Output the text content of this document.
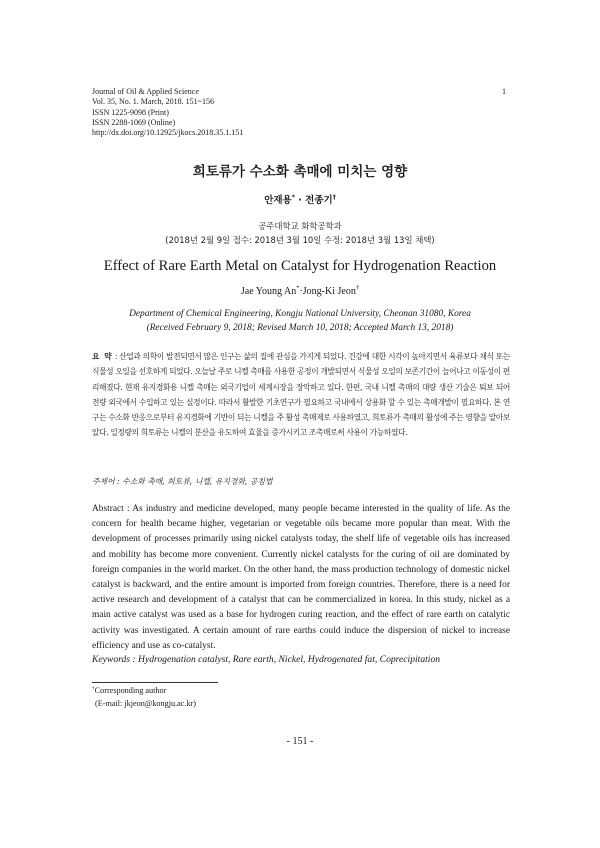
Journal of Oil & Applied Science
Vol. 35, No. 1. March, 2018. 151~156
ISSN 1225-9098 (Print)
ISSN 2288-1069 (Online)
http://dx.doi.org/10.12925/jkocs.2018.35.1.151
1
희토류가 수소화 촉매에 미치는 영향
안재용* · 전종기†
공주대학교 화학공학과
(2018년 2월 9일 접수: 2018년 3월 10일 수정: 2018년 3월 13일 채택)
Effect of Rare Earth Metal on Catalyst for Hydrogenation Reaction
Jae Young An*·Jong-Ki Jeon†
Department of Chemical Engineering, Kongju National University, Cheonan 31080, Korea
(Received February 9, 2018; Revised March 10, 2018; Accepted March 13, 2018)
요 약 : 산업과 의학이 발전되면서 많은 인구는 삶의 질에 관심을 가지게 되었다. 건강에 대한 시각이 높아지면서 육류보다 채식 또는 식물성 오일을 선호하게 되었다. 오늘날 주로 니켈 촉매를 사용한 공정이 개발되면서 식물성 오일의 보존기간이 늘어나고 이동성이 편리해졌다. 현재 유지경화용 니켈 촉매는 외국기업이 세계시장을 장악하고 있다. 한편, 국내 니켈 촉매의 대량 생산 기술은 퇴보 되어 전량 외국에서 수입하고 있는 실정이다. 따라서 활발한 기초연구가 필요하고 국내에서 상용화 할 수 있는 촉매개발이 필요하다. 본 연구는 수소화 반응으로부터 유지경화에 기반이 되는 니켈을 주 활성 촉매제로 사용하였고, 희토류가 촉매의 활성에 주는 영향을 알아보았다. 일정량의 희토류는 니켈의 분산을 유도하여 효율을 증가시키고 조촉매로써 사용이 가능하였다.
주제어 : 수소화 촉매, 희토류, 니켈, 유지경화, 공침법
Abstract : As industry and medicine developed, many people became interested in the quality of life. As the concern for health became higher, vegetarian or vegetable oils became more popular than meat. With the development of processes primarily using nickel catalysts today, the shelf life of vegetable oils has increased and mobility has become more convenient. Currently nickel catalysts for the curing of oil are dominated by foreign companies in the world market. On the other hand, the mass production technology of domestic nickel catalyst is backward, and the entire amount is imported from foreign countries. Therefore, there is a need for active research and development of a catalyst that can be commercialized in korea. In this study, nickel as a main active catalyst was used as a base for hydrogen curing reaction, and the effect of rare earth on catalytic activity was investigated. A certain amount of rare earths could induce the dispersion of nickel to increase efficiency and use as co-catalyst.
Keywords : Hydrogenation catalyst, Rare earth, Nickel, Hydrogenated fat, Coprecipitation
†Corresponding author
(E-mail: jkjeon@kongju.ac.kr)
- 151 -
